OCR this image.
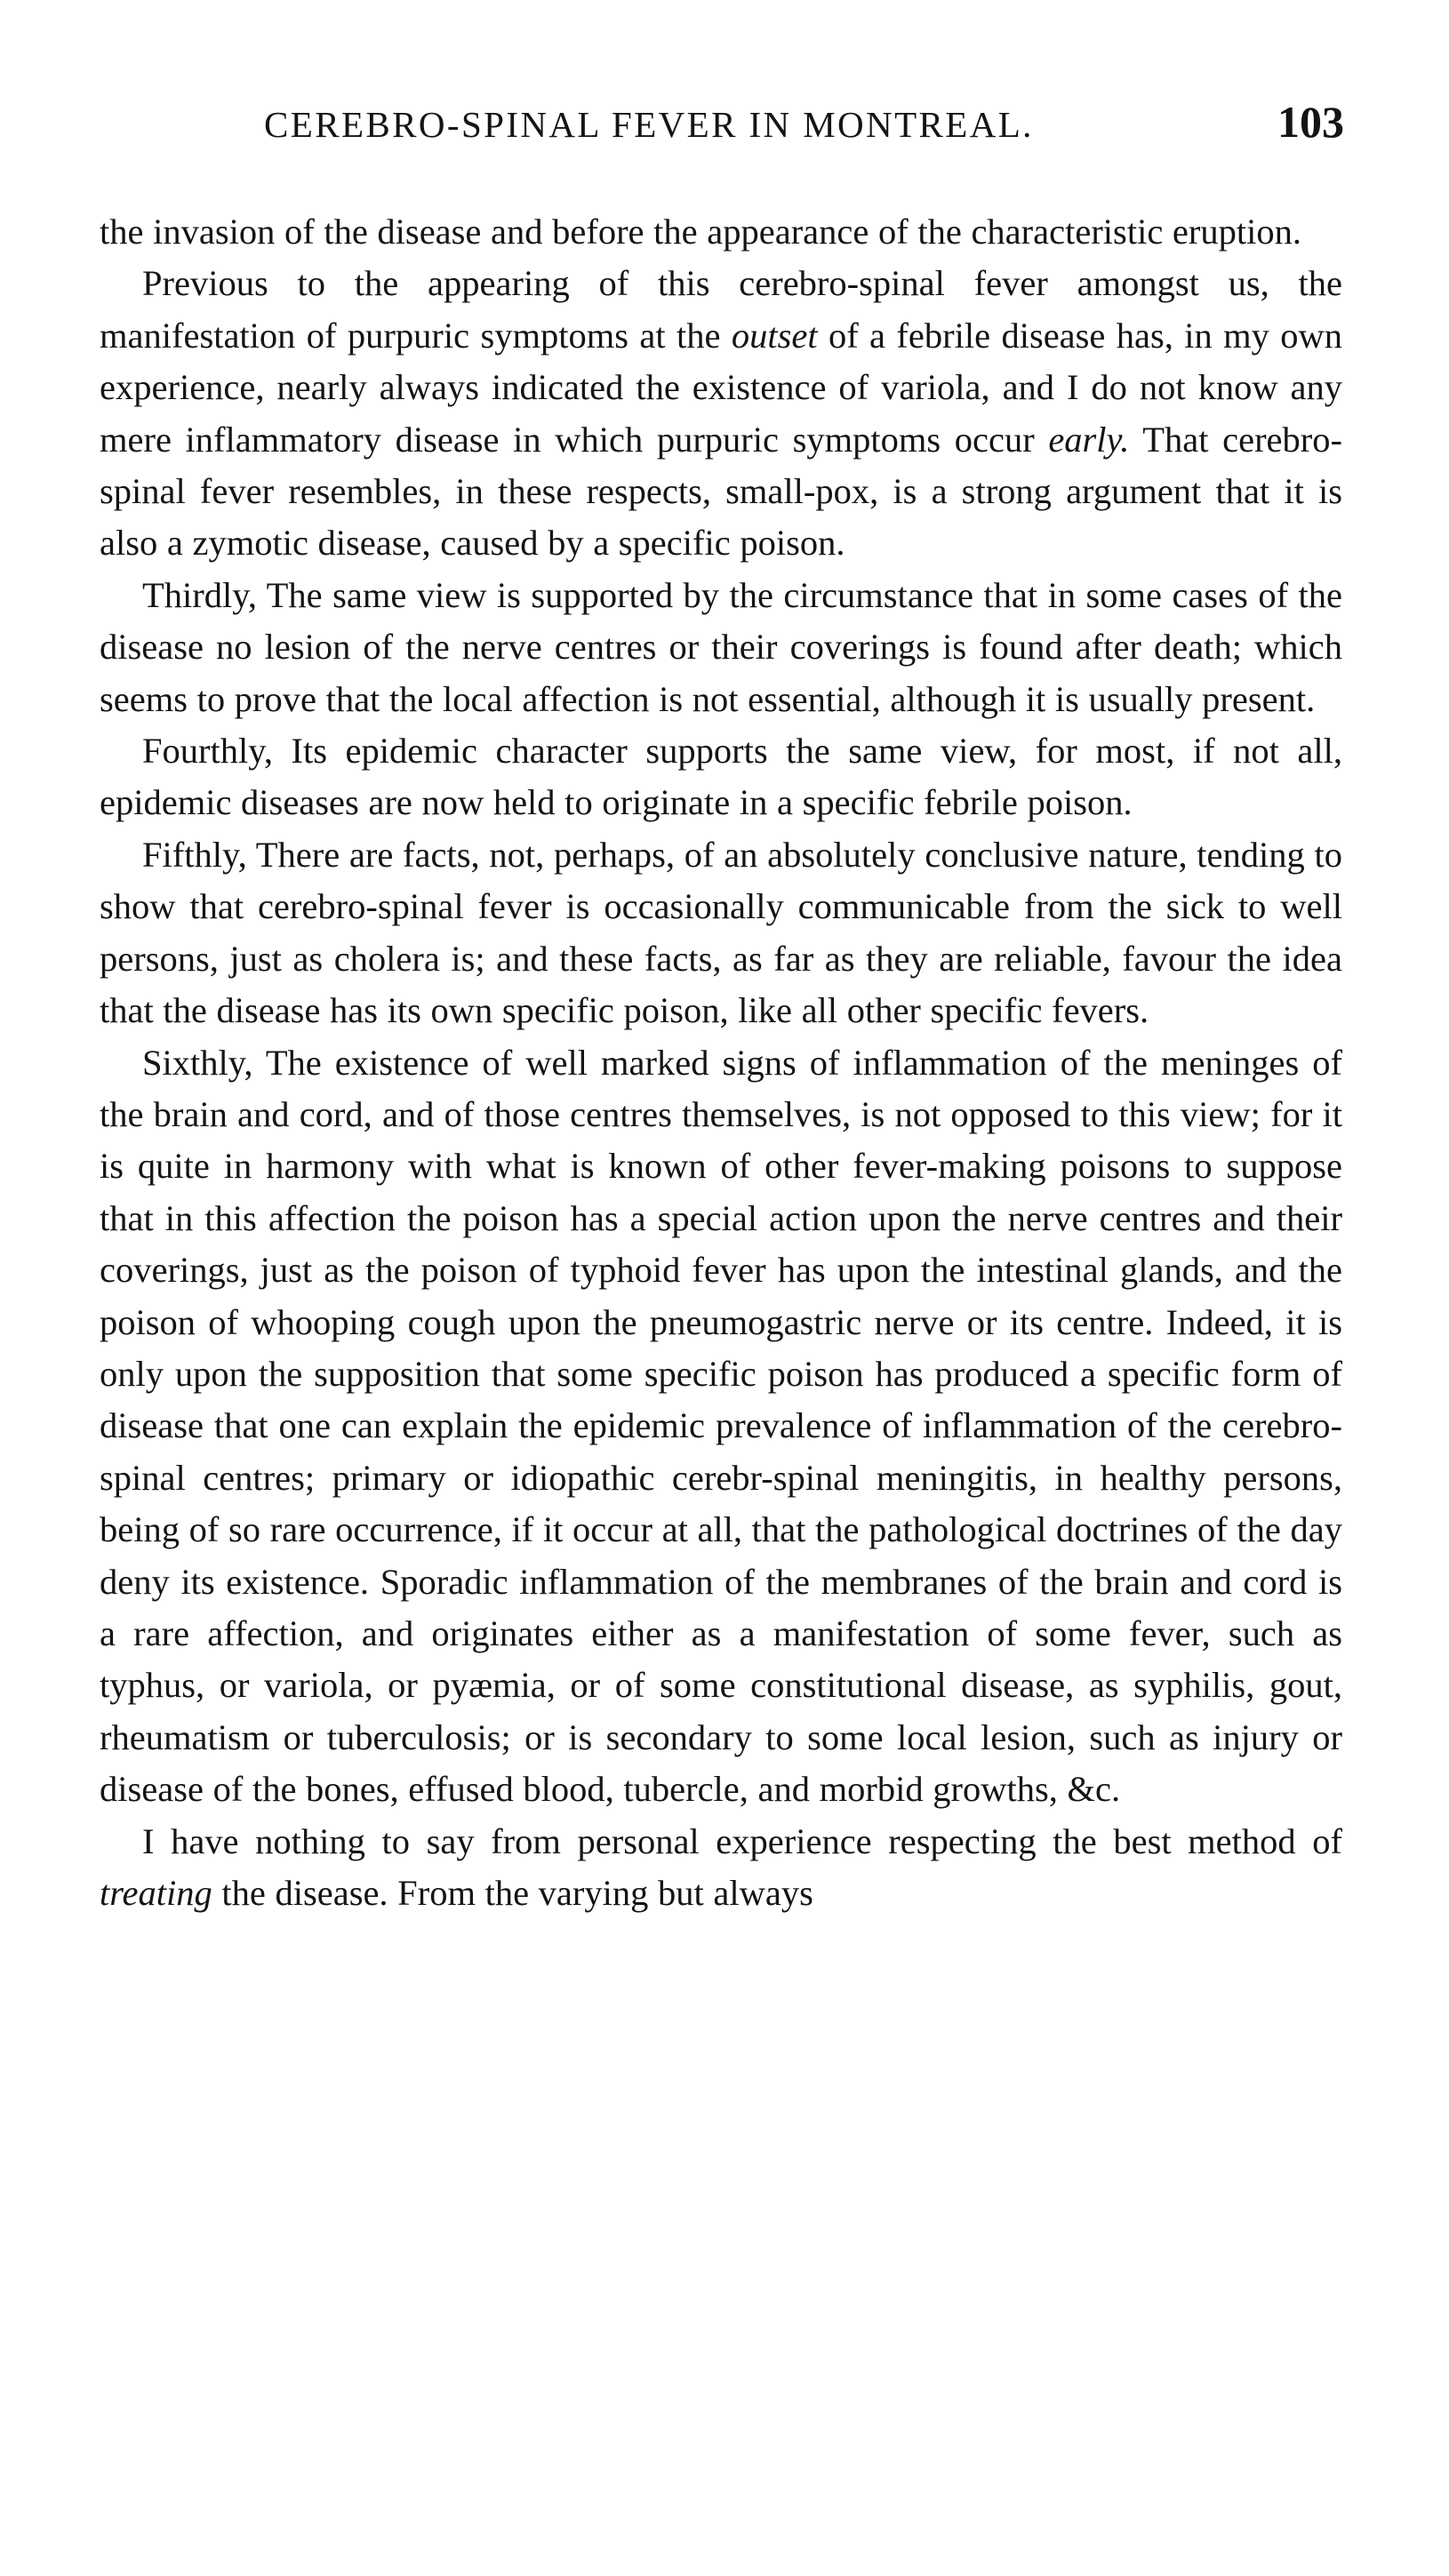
CEREBRO-SPINAL FEVER IN MONTREAL.	103

the invasion of the disease and before the appearance of the characteristic eruption.

Previous to the appearing of this cerebro-spinal fever amongst us, the manifestation of purpuric symptoms at the outset of a febrile disease has, in my own experience, nearly always indicated the existence of variola, and I do not know any mere inflammatory disease in which purpuric symptoms occur early. That cerebro-spinal fever resembles, in these respects, small-pox, is a strong argument that it is also a zymotic disease, caused by a specific poison.

Thirdly, The same view is supported by the circumstance that in some cases of the disease no lesion of the nerve centres or their coverings is found after death; which seems to prove that the local affection is not essential, although it is usually present.

Fourthly, Its epidemic character supports the same view, for most, if not all, epidemic diseases are now held to originate in a specific febrile poison.

Fifthly, There are facts, not, perhaps, of an absolutely conclusive nature, tending to show that cerebro-spinal fever is occasionally communicable from the sick to well persons, just as cholera is; and these facts, as far as they are reliable, favour the idea that the disease has its own specific poison, like all other specific fevers.

Sixthly, The existence of well marked signs of inflammation of the meninges of the brain and cord, and of those centres themselves, is not opposed to this view; for it is quite in harmony with what is known of other fever-making poisons to suppose that in this affection the poison has a special action upon the nerve centres and their coverings, just as the poison of typhoid fever has upon the intestinal glands, and the poison of whooping cough upon the pneumogastric nerve or its centre. Indeed, it is only upon the supposition that some specific poison has produced a specific form of disease that one can explain the epidemic prevalence of inflammation of the cerebro-spinal centres; primary or idiopathic cerebr-spinal meningitis, in healthy persons, being of so rare occurrence, if it occur at all, that the pathological doctrines of the day deny its existence. Sporadic inflammation of the membranes of the brain and cord is a rare affection, and originates either as a manifestation of some fever, such as typhus, or variola, or pyæmia, or of some constitutional disease, as syphilis, gout, rheumatism or tuberculosis; or is secondary to some local lesion, such as injury or disease of the bones, effused blood, tubercle, and morbid growths, &c.

I have nothing to say from personal experience respecting the best method of treating the disease. From the varying but always
